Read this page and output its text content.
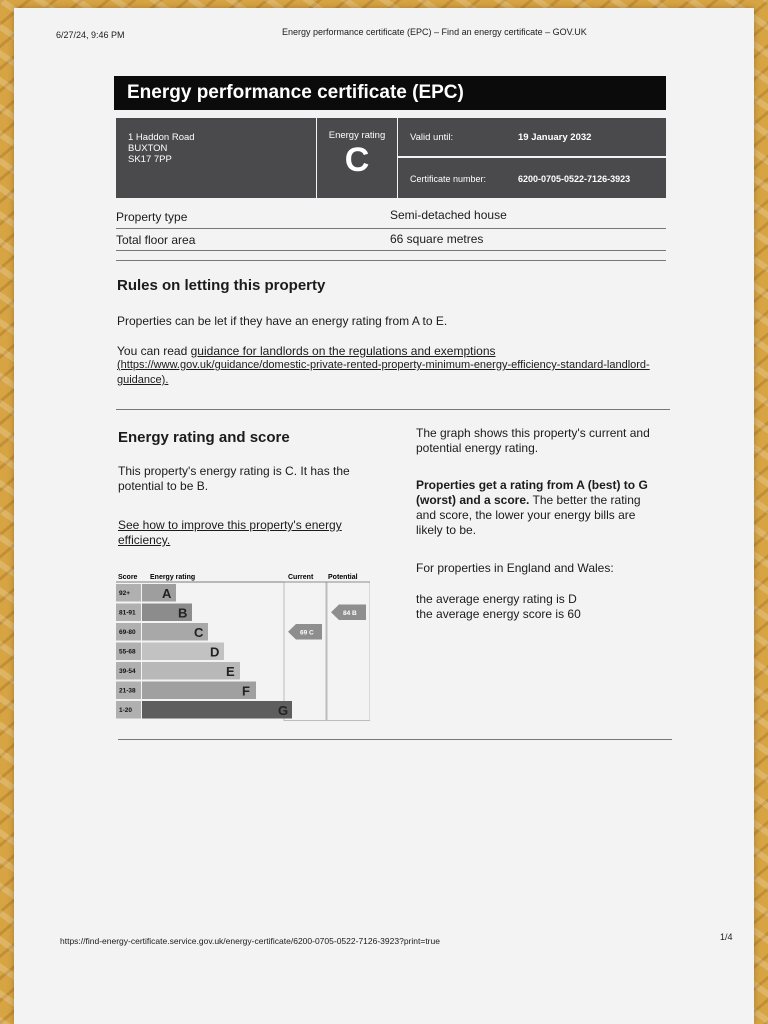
6/27/24, 9:46 PM	Energy performance certificate (EPC) – Find an energy certificate – GOV.UK
Energy performance certificate (EPC)
1 Haddon Road
BUXTON
SK17 7PP
Energy rating
C
Valid until:	19 January 2032
Certificate number:	6200-0705-0522-7126-3923
Property type	Semi-detached house
Total floor area	66 square metres
Rules on letting this property
Properties can be let if they have an energy rating from A to E.
You can read guidance for landlords on the regulations and exemptions
(https://www.gov.uk/guidance/domestic-private-rented-property-minimum-energy-efficiency-standard-landlord-
guidance).
Energy rating and score
This property's energy rating is C. It has the
potential to be B.
See how to improve this property's energy
efficiency.
The graph shows this property's current and
potential energy rating.
Properties get a rating from A (best) to G
(worst) and a score. The better the rating
and score, the lower your energy bills are
likely to be.
For properties in England and Wales:
the average energy rating is D
the average energy score is 60
Score Energy rating	Current Potential
92+ A
81-91	B
69-80	C
55-68	D
39-54	E
21-38	F
1-20	G
69 C
84 B
https://find-energy-certificate.service.gov.uk/energy-certificate/6200-0705-0522-7126-3923?print=true	1/4
